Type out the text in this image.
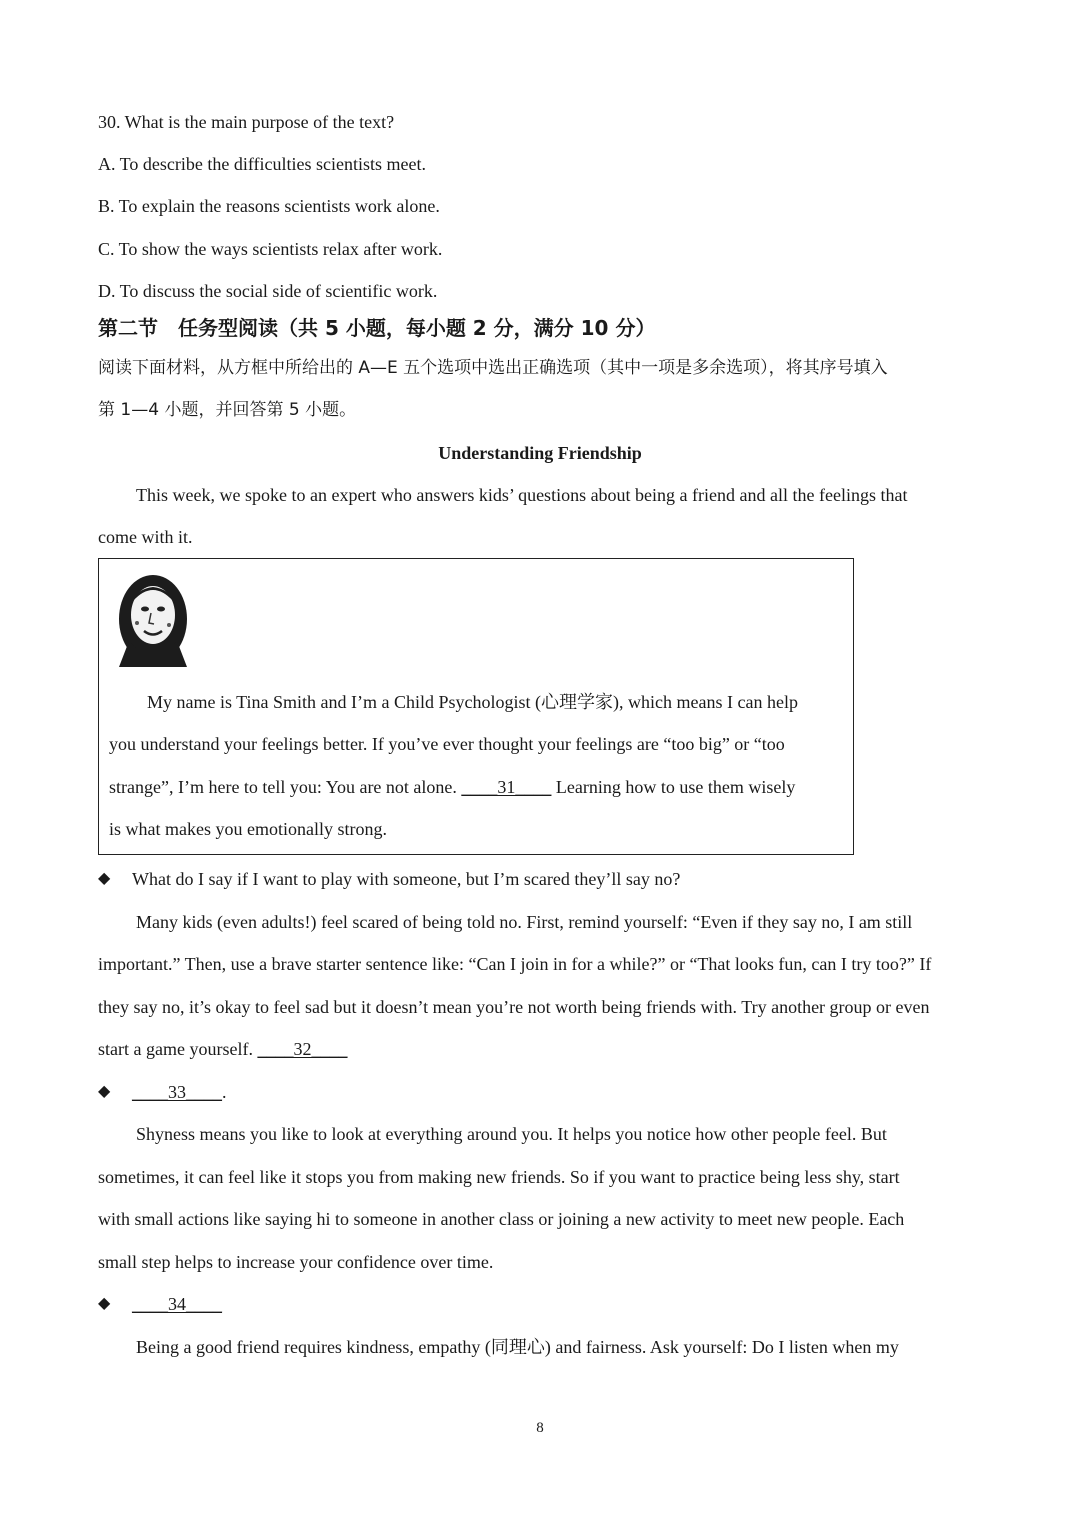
30. What is the main purpose of the text?
A. To describe the difficulties scientists meet.
B. To explain the reasons scientists work alone.
C. To show the ways scientists relax after work.
D. To discuss the social side of scientific work.
第二节　任务型阅读（共 5 小题，每小题 2 分，满分 10 分）
阅读下面材料，从方框中所给出的 A—E 五个选项中选出正确选项（其中一项是多余选项），将其序号填入
第 1—4 小题，并回答第 5 小题。
Understanding Friendship
This week, we spoke to an expert who answers kids’ questions about being a friend and all the feelings that
come with it.
My name is Tina Smith and I’m a Child Psychologist (心理学家), which means I can help
you understand your feelings better. If you’ve ever thought your feelings are “too big” or “too
strange”, I’m here to tell you: You are not alone. ____31____ Learning how to use them wisely
is what makes you emotionally strong.
◆ What do I say if I want to play with someone, but I’m scared they’ll say no?
Many kids (even adults!) feel scared of being told no. First, remind yourself: “Even if they say no, I am still
important.” Then, use a brave starter sentence like: “Can I join in for a while?” or “That looks fun, can I try too?” If
they say no, it’s okay to feel sad but it doesn’t mean you’re not worth being friends with. Try another group or even
start a game yourself. ____32____
◆ ____33____.
Shyness means you like to look at everything around you. It helps you notice how other people feel. But
sometimes, it can feel like it stops you from making new friends. So if you want to practice being less shy, start
with small actions like saying hi to someone in another class or joining a new activity to meet new people. Each
small step helps to increase your confidence over time.
◆ ____34____
Being a good friend requires kindness, empathy (同理心) and fairness. Ask yourself: Do I listen when my
8
